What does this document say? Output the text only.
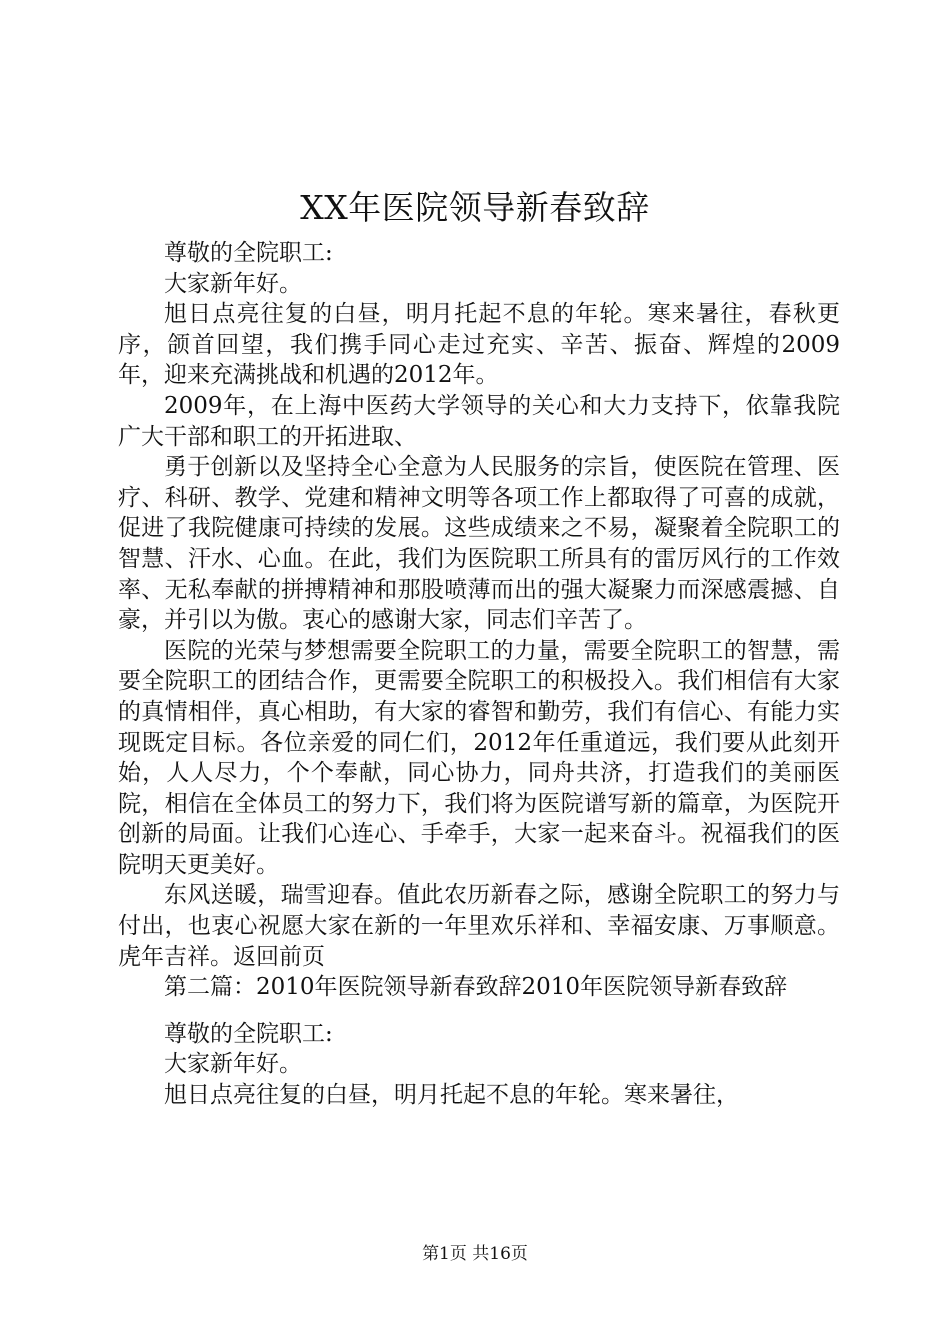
XX年医院领导新春致辞

尊敬的全院职工:

大家新年好。

旭日点亮往复的白昼，明月托起不息的年轮。寒来暑往，春秋更序，颌首回望，我们携手同心走过充实、辛苦、振奋、辉煌的2009年，迎来充满挑战和机遇的2012年。

2009年，在上海中医药大学领导的关心和大力支持下，依靠我院广大干部和职工的开拓进取、

勇于创新以及坚持全心全意为人民服务的宗旨，使医院在管理、医疗、科研、教学、党建和精神文明等各项工作上都取得了可喜的成就，促进了我院健康可持续的发展。这些成绩来之不易，凝聚着全院职工的智慧、汗水、心血。在此，我们为医院职工所具有的雷厉风行的工作效率、无私奉献的拼搏精神和那股喷薄而出的强大凝聚力而深感震撼、自豪，并引以为傲。衷心的感谢大家，同志们辛苦了。

医院的光荣与梦想需要全院职工的力量，需要全院职工的智慧，需要全院职工的团结合作，更需要全院职工的积极投入。我们相信有大家的真情相伴，真心相助，有大家的睿智和勤劳，我们有信心、有能力实现既定目标。各位亲爱的同仁们，2012年任重道远，我们要从此刻开始，人人尽力，个个奉献，同心协力，同舟共济，打造我们的美丽医院，相信在全体员工的努力下，我们将为医院谱写新的篇章，为医院开创新的局面。让我们心连心、手牵手，大家一起来奋斗。祝福我们的医院明天更美好。

东风送暖，瑞雪迎春。值此农历新春之际，感谢全院职工的努力与付出，也衷心祝愿大家在新的一年里欢乐祥和、幸福安康、万事顺意。虎年吉祥。返回前页

第二篇：2010年医院领导新春致辞2010年医院领导新春致辞

尊敬的全院职工:

大家新年好。

旭日点亮往复的白昼，明月托起不息的年轮。寒来暑往，

第1页 共16页
